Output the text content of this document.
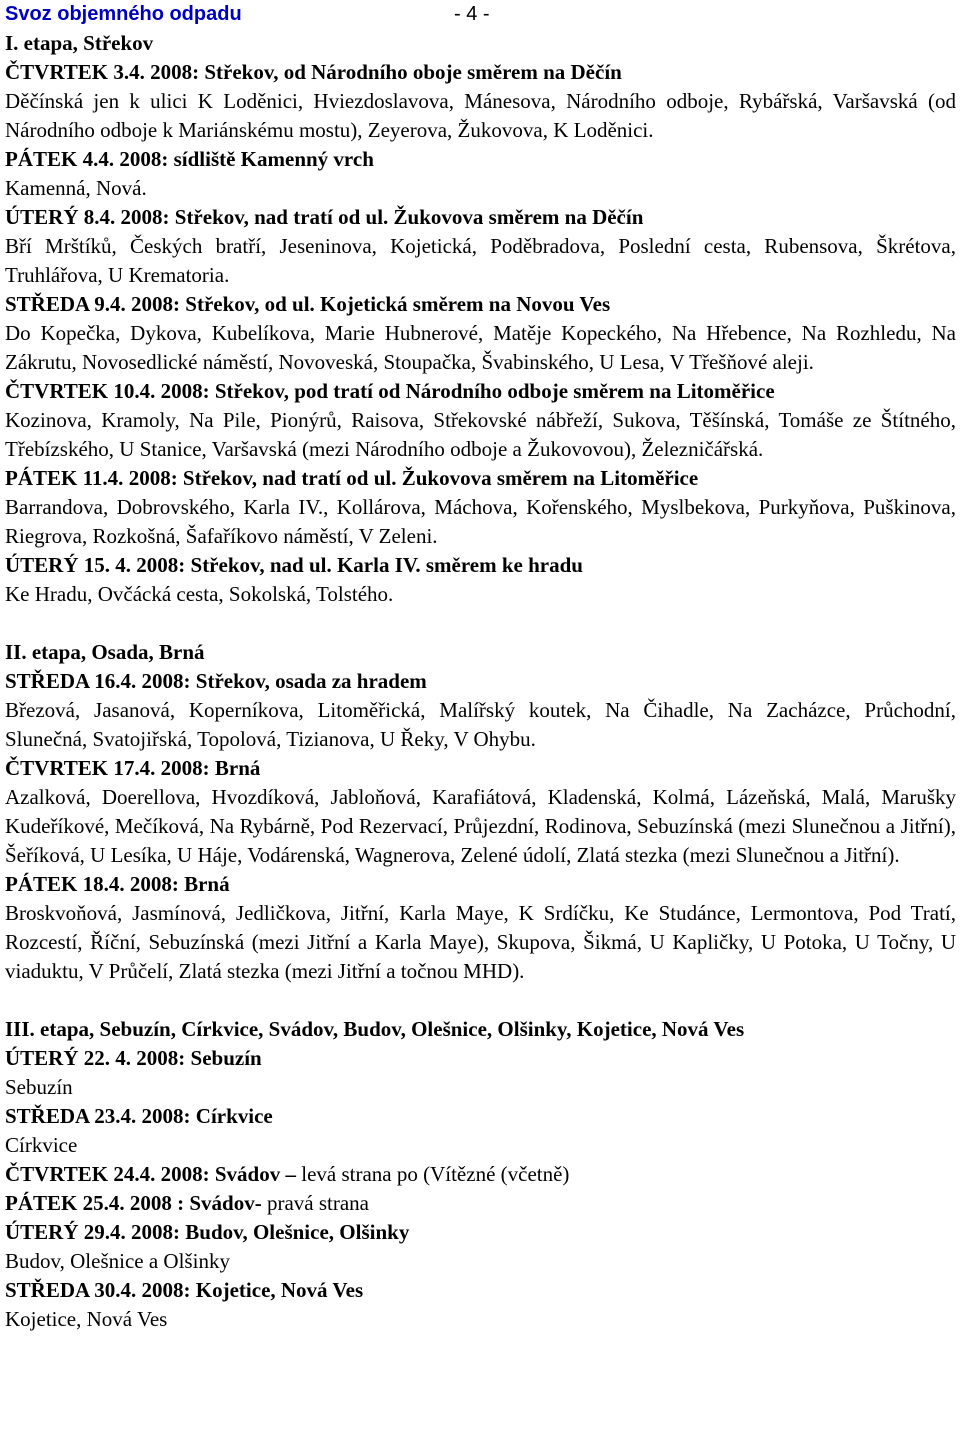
Svoz objemného odpadu	- 4 -

I. etapa, Střekov

ČTVRTEK 3.4. 2008: Střekov, od Národního oboje směrem na Děčín

Děčínská jen k ulici K Loděnici, Hviezdoslavova, Mánesova, Národního odboje, Rybářská, Varšavská (od Národního odboje k Mariánskému mostu), Zeyerova, Žukovova, K Loděnici.

PÁTEK 4.4. 2008: sídliště Kamenný vrch

Kamenná, Nová.

ÚTERÝ 8.4. 2008: Střekov, nad tratí od ul. Žukovova směrem na Děčín

Bří Mrštíků, Českých bratří, Jeseninova, Kojetická, Poděbradova, Poslední cesta, Rubensova, Škrétova, Truhlářova, U Krematoria.

STŘEDA 9.4. 2008: Střekov, od ul. Kojetická směrem na Novou Ves

Do Kopečka, Dykova, Kubelíkova, Marie Hubnerové, Matěje Kopeckého, Na Hřebence, Na Rozhledu, Na Zákrutu, Novosedlické náměstí, Novoveská, Stoupačka, Švabinského, U Lesa, V Třešňové aleji.

ČTVRTEK 10.4. 2008: Střekov, pod tratí od Národního odboje směrem na Litoměřice

Kozinova, Kramoly, Na Pile, Pionýrů, Raisova, Střekovské nábřeží, Sukova, Těšínská, Tomáše ze Štítného, Třebízského, U Stanice, Varšavská (mezi Národního odboje a Žukovovou), Železničářská.

PÁTEK 11.4. 2008: Střekov, nad tratí od ul. Žukovova směrem na Litoměřice

Barrandova, Dobrovského, Karla IV., Kollárova, Máchova, Kořenského, Myslbekova, Purkyňova, Puškinova, Riegrova, Rozkošná, Šafaříkovo náměstí, V Zeleni.

ÚTERÝ 15. 4. 2008: Střekov, nad ul. Karla IV. směrem ke hradu

Ke Hradu, Ovčácká cesta, Sokolská, Tolstého.

II. etapa, Osada, Brná

STŘEDA 16.4. 2008: Střekov, osada za hradem

Březová, Jasanová, Koperníkova, Litoměřická, Malířský koutek, Na Čihadle, Na Zacházce, Průchodní, Slunečná, Svatojiřská, Topolová, Tizianova, U Řeky, V Ohybu.

ČTVRTEK 17.4. 2008: Brná

Azalková, Doerellova, Hvozdíková, Jabloňová, Karafiátová, Kladenská, Kolmá, Lázeňská, Malá, Marušky Kudeříkové, Mečíková, Na Rybárně, Pod Rezervací, Průjezdní, Rodinova, Sebuzínská (mezi Slunečnou a Jitřní), Šeříková, U Lesíka, U Háje, Vodárenská, Wagnerova, Zelené údolí, Zlatá stezka (mezi Slunečnou a Jitřní).

PÁTEK 18.4. 2008: Brná

Broskvoňová, Jasmínová, Jedličkova, Jitřní, Karla Maye, K Srdíčku, Ke Studánce, Lermontova, Pod Tratí, Rozcestí, Říční, Sebuzínská (mezi Jitřní a Karla Maye), Skupova, Šikmá, U Kapličky, U Potoka, U Točny, U viaduktu, V Průčelí, Zlatá stezka (mezi Jitřní a točnou MHD).

III. etapa, Sebuzín, Církvice, Svádov, Budov, Olešnice, Olšinky, Kojetice, Nová Ves

ÚTERÝ 22. 4. 2008: Sebuzín

Sebuzín

STŘEDA 23.4. 2008: Církvice

Církvice

ČTVRTEK 24.4. 2008: Svádov – levá strana po (Vítězné (včetně)

PÁTEK 25.4. 2008 : Svádov- pravá strana

ÚTERÝ 29.4. 2008: Budov, Olešnice, Olšinky

Budov, Olešnice a Olšinky

STŘEDA 30.4. 2008: Kojetice, Nová Ves

Kojetice, Nová Ves
